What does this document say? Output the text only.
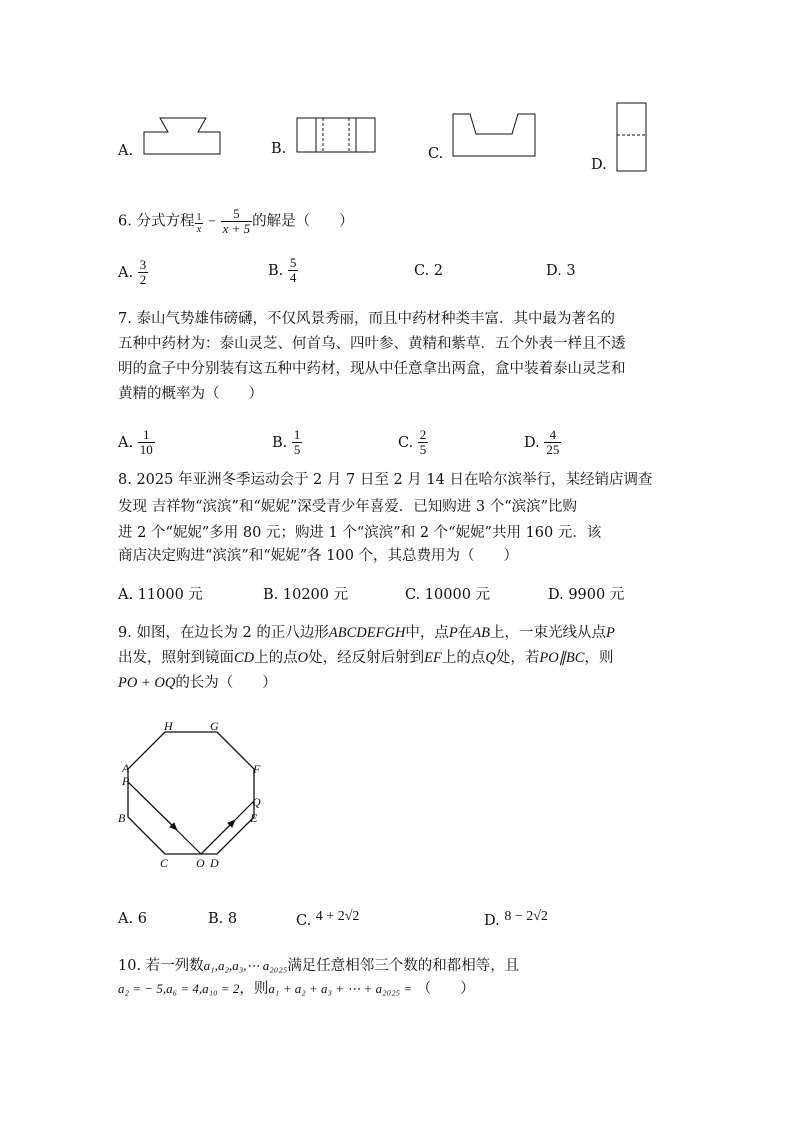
A.	B.	C.
D.
6. 分式方程 $\frac{1}{x} - \frac{5}{x + 5}$ 的解是（　　）
A. $\frac{3}{2}$	B. $\frac{5}{4}$	C. 2	D. 3
7. 泰山气势雄伟磅礴，不仅风景秀丽，而且中药材种类丰富．其中最为著名的
五种中药材为：泰山灵芝、何首乌、四叶参、黄精和紫草．五个外表一样且不透
明的盒子中分别装有这五种中药材，现从中任意拿出两盒，盒中装着泰山灵芝和
黄精的概率为（　　）
A. $\frac{1}{10}$	B. $\frac{1}{5}$	C. $\frac{2}{5}$	D. $\frac{4}{25}$
8. 2025 年亚洲冬季运动会于 2 月 7 日至 2 月 14 日在哈尔滨举行，某经销店调查
发现 吉祥物“滨滨”和“妮妮”深受青少年喜爱．已知购进 3 个“滨滨”比购
进 2 个“妮妮”多用 80 元；购进 1 个“滨滨”和 2 个“妮妮”共用 160 元．该
商店决定购进“滨滨”和“妮妮”各 100 个，其总费用为（　　）
A. 11000 元	B. 10200 元	C. 10000 元	D. 9900 元
9. 如图，在边长为 2 的正八边形ABCDEFGH中，点P在AB上，一束光线从点P
出发，照射到镜面CD上的点O处，经反射后射到EF上的点Q处，若PO∥BC，则
PO + OQ的长为（　　）
H	G
A
P
B
C O D
F
Q
E
A. 6	B. 8	C. 4 + 2√2	D. 8 − 2√2
10. 若一列数a₁,a₂,a₃,⋯ a₂₀₂₅满足任意相邻三个数的和都相等，且
a₂ = − 5,a₆ = 4,a₁₀ = 2，则a₁ + a₂ + a₃ + ⋯ + a₂₀₂₅ = （　　）
